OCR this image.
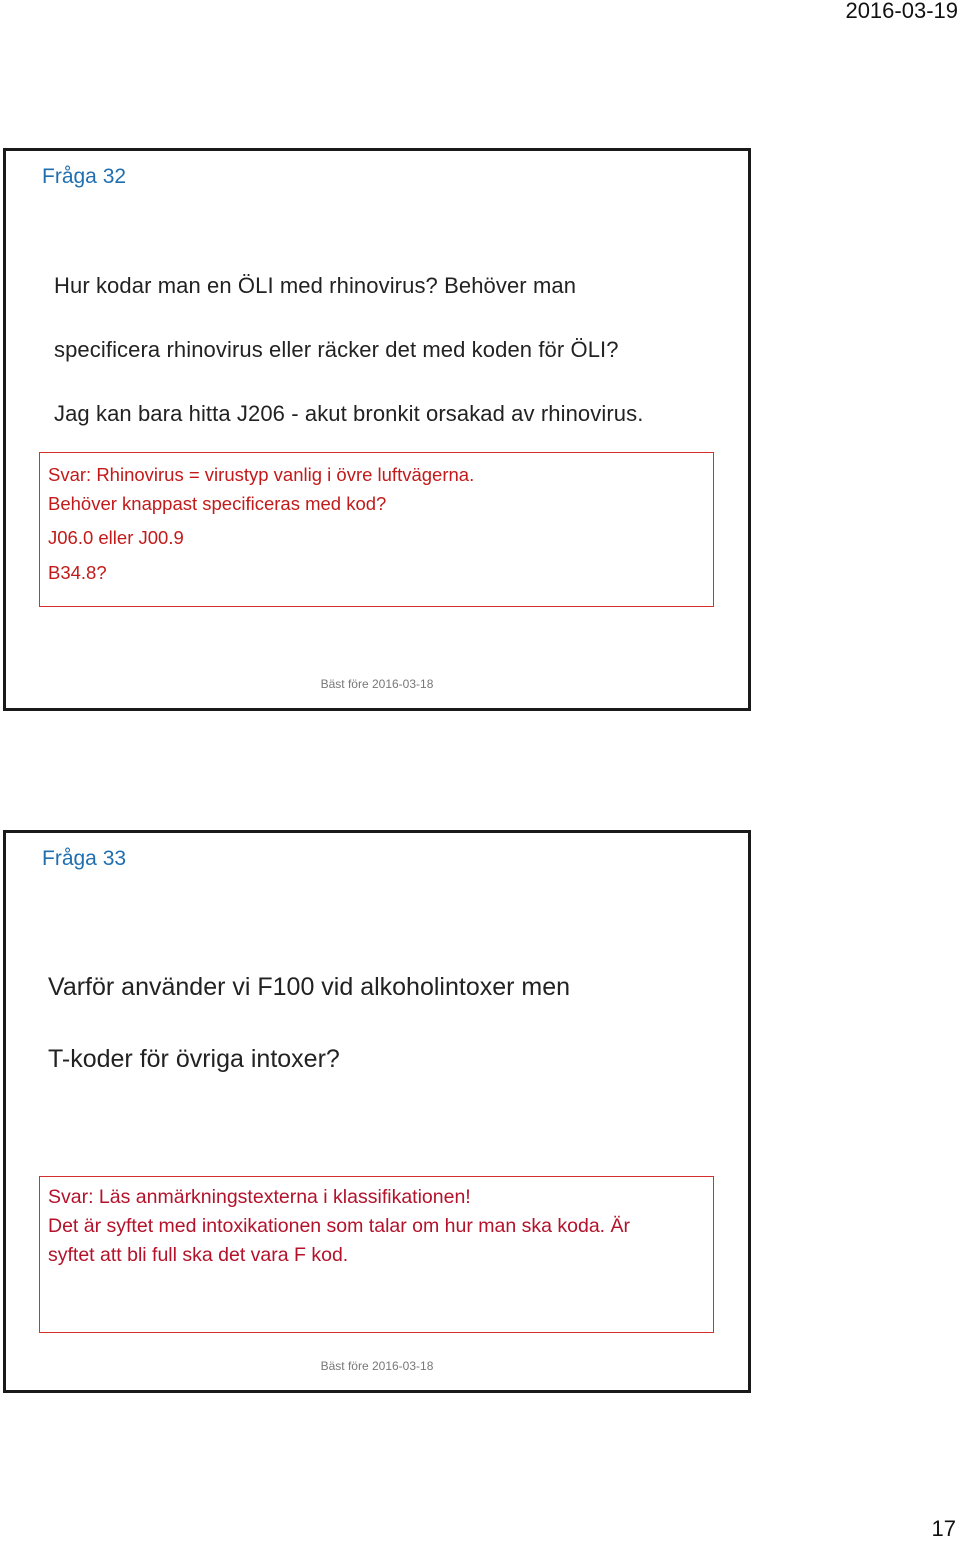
2016-03-19
Fråga 32

Hur kodar man en ÖLI med rhinovirus? Behöver man

specificera rhinovirus eller räcker det med koden för ÖLI?

Jag kan bara hitta J206 - akut bronkit orsakad av rhinovirus.

Svar: Rhinovirus = virustyp vanlig i övre luftvägerna.
Behöver knappast specificeras med kod?
J06.0 eller J00.9
B34.8?
Bäst före 2016-03-18
Fråga 33

Varför använder vi F100 vid alkoholintoxer men

T-koder för övriga intoxer?

Svar: Läs anmärkningstexterna i klassifikationen!
Det är syftet med intoxikationen som talar om hur man ska koda. Är
syftet att bli full ska det vara F kod.
Bäst före 2016-03-18
17
